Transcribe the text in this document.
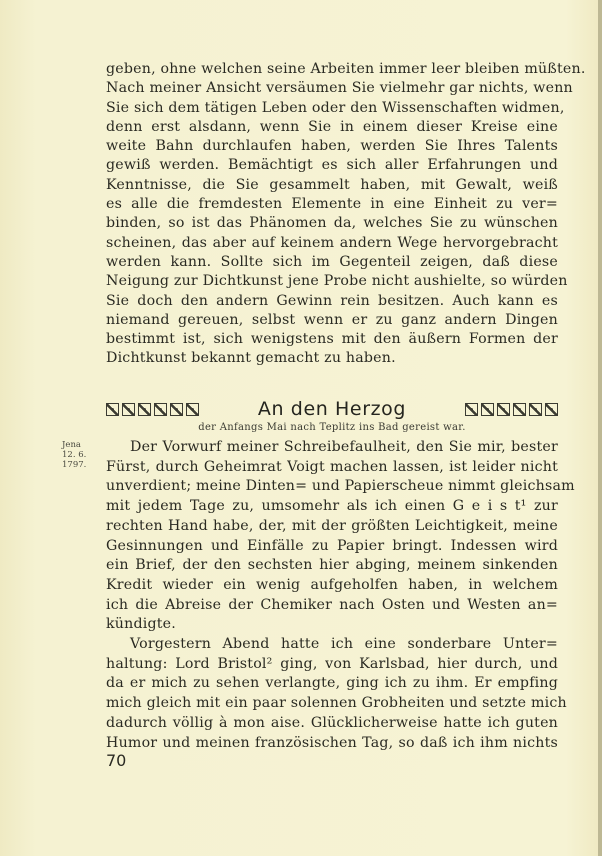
geben, ohne welchen seine Arbeiten immer leer bleiben müßten.
Nach meiner Ansicht versäumen Sie vielmehr gar nichts, wenn
Sie sich dem tätigen Leben oder den Wissenschaften widmen,
denn erst alsdann, wenn Sie in einem dieser Kreise eine
weite Bahn durchlaufen haben, werden Sie Ihres Talents
gewiß werden. Bemächtigt es sich aller Erfahrungen und
Kenntnisse, die Sie gesammelt haben, mit Gewalt, weiß
es alle die fremdesten Elemente in eine Einheit zu ver=
binden, so ist das Phänomen da, welches Sie zu wünschen
scheinen, das aber auf keinem andern Wege hervorgebracht
werden kann. Sollte sich im Gegenteil zeigen, daß diese
Neigung zur Dichtkunst jene Probe nicht aushielte, so würden
Sie doch den andern Gewinn rein besitzen. Auch kann es
niemand gereuen, selbst wenn er zu ganz andern Dingen
bestimmt ist, sich wenigstens mit den äußern Formen der
Dichtkunst bekannt gemacht zu haben.
An den Herzog
der Anfangs Mai nach Teplitz ins Bad gereist war.
Jena
12. 6.
1797.
Der Vorwurf meiner Schreibefaulheit, den Sie mir, bester
Fürst, durch Geheimrat Voigt machen lassen, ist leider nicht
unverdient; meine Dinten= und Papierscheue nimmt gleichsam
mit jedem Tage zu, umsomehr als ich einen G e i s t¹ zur
rechten Hand habe, der, mit der größten Leichtigkeit, meine
Gesinnungen und Einfälle zu Papier bringt. Indessen wird
ein Brief, der den sechsten hier abging, meinem sinkenden
Kredit wieder ein wenig aufgeholfen haben, in welchem
ich die Abreise der Chemiker nach Osten und Westen an=
kündigte.
Vorgestern Abend hatte ich eine sonderbare Unter=
haltung: Lord Bristol² ging, von Karlsbad, hier durch, und
da er mich zu sehen verlangte, ging ich zu ihm. Er empfing
mich gleich mit ein paar solennen Grobheiten und setzte mich
dadurch völlig à mon aise. Glücklicherweise hatte ich guten
Humor und meinen französischen Tag, so daß ich ihm nichts
70
